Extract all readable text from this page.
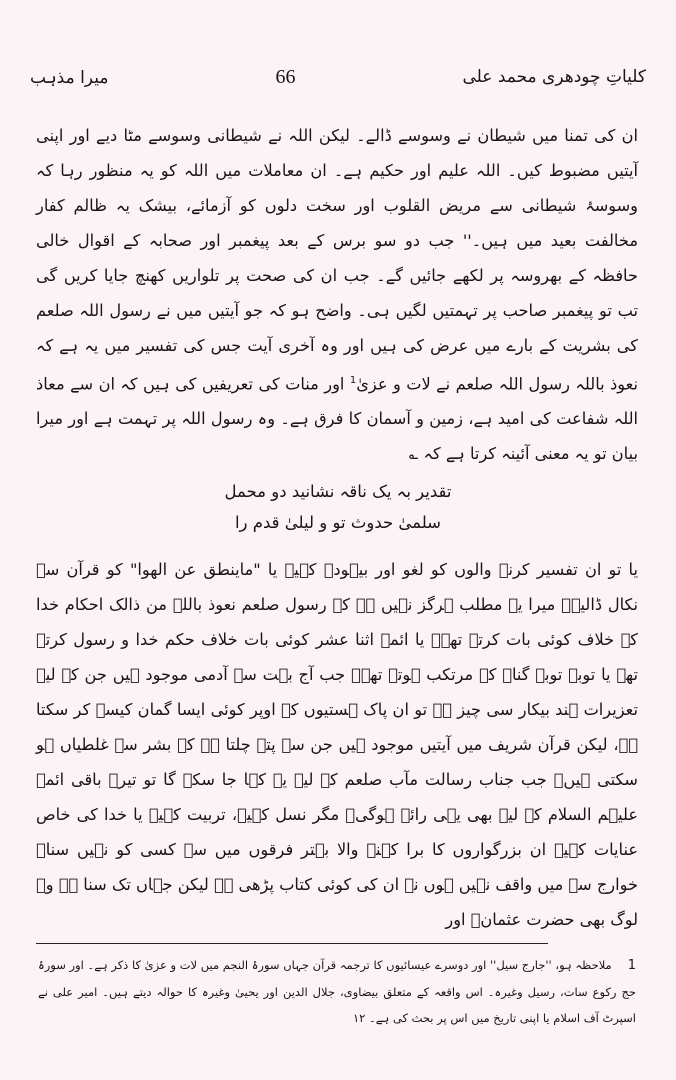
میرا مذہب	66	کلیاتِ چودھری محمد علی

ان کی تمنا میں شیطان نے وسوسے ڈالے۔ لیکن اللہ نے شیطانی وسوسے مٹا دیے اور اپنی آیتیں مضبوط کیں۔ اللہ علیم اور حکیم ہے۔ ان معاملات میں اللہ کو یہ منظور رہا کہ وسوسۂ شیطانی سے مریض القلوب اور سخت دلوں کو آزمائے، بیشک یہ ظالم کفار مخالفت بعید میں ہیں۔'' جب دو سو برس کے بعد پیغمبر اور صحابہ کے اقوال خالی حافظہ کے بھروسہ پر لکھے جائیں گے۔ جب ان کی صحت پر تلواریں کھنچ جایا کریں گی تب تو پیغمبر صاحب پر تہمتیں لگیں ہی۔ واضح ہو کہ جو آیتیں میں نے رسول اللہ صلعم کی بشریت کے بارے میں عرض کی ہیں اور وہ آخری آیت جس کی تفسیر میں یہ ہے کہ نعوذ باللہ رسول اللہ صلعم نے لات و عزیٰ$^1$ اور منات کی تعریفیں کی ہیں کہ ان سے معاذ اللہ شفاعت کی امید ہے، زمین و آسمان کا فرق ہے۔ وہ رسول اللہ پر تہمت ہے اور میرا بیان تو یہ معنی آئینہ کرتا ہے کہ ؎

تقدیر بہ یک ناقہ نشانید دو محمل
سلمیٰ حدوث تو و لیلیٰ قدم را

یا تو ان تفسیر کرنے والوں کو لغو اور بیہودہ کہیے یا "ماینطق عن الھوا" کو قرآن سے نکال ڈالیے۔ میرا یہ مطلب ہرگز نہیں ہے کہ رسول صلعم نعوذ باللہ من ذالک احکام خدا کے خلاف کوئی بات کرتے تھے۔ یا ائمہ اثنا عشر کوئی بات خلاف حکم خدا و رسول کرتے تھے یا توبہ توبہ گناہ کے مرتکب ہوتے تھے۔ جب آج بہت سے آدمی موجود ہیں جن کے لیے تعزیرات ہند بیکار سی چیز ہے تو ان پاک ہستیوں کے اوپر کوئی ایسا گمان کیسے کر سکتا ہے، لیکن قرآن شریف میں آیتیں موجود ہیں جن سے پتہ چلتا ہے کہ بشر سے غلطیاں ہو سکتی ہیں۔ جب جناب رسالت مآب صلعم کے لیے یہ کہا جا سکے گا تو تیرہ باقی ائمہ علیہم السلام کے لیے بھی یہی رائے ہوگی۔ مگر نسل کہیے، تربیت کہیے یا خدا کی خاص عنایات کہیے ان بزرگواروں کا برا کہنے والا بہتر فرقوں میں سے کسی کو نہیں سنا۔ خوارج سے میں واقف نہیں ہوں نہ ان کی کوئی کتاب پڑھی ہے لیکن جہاں تک سنا ہے وہ لوگ بھی حضرت عثمانؓ اور

1ملاحظہ ہو، ''جارج سیل'' اور دوسرے عیسائیوں کا ترجمہ قرآن جہاں سورۂ النجم میں لات و عزیٰ کا ذکر ہے۔ اور سورۂ حج رکوع سات، رسیل وغیرہ۔ اس واقعہ کے متعلق بیضاوی، جلال الدین اور یحییٰ وغیرہ کا حوالہ دیتے ہیں۔ امیر علی نے اسپرٹ آف اسلام یا اپنی تاریخ میں اس پر بحث کی ہے۔ ۱۲
